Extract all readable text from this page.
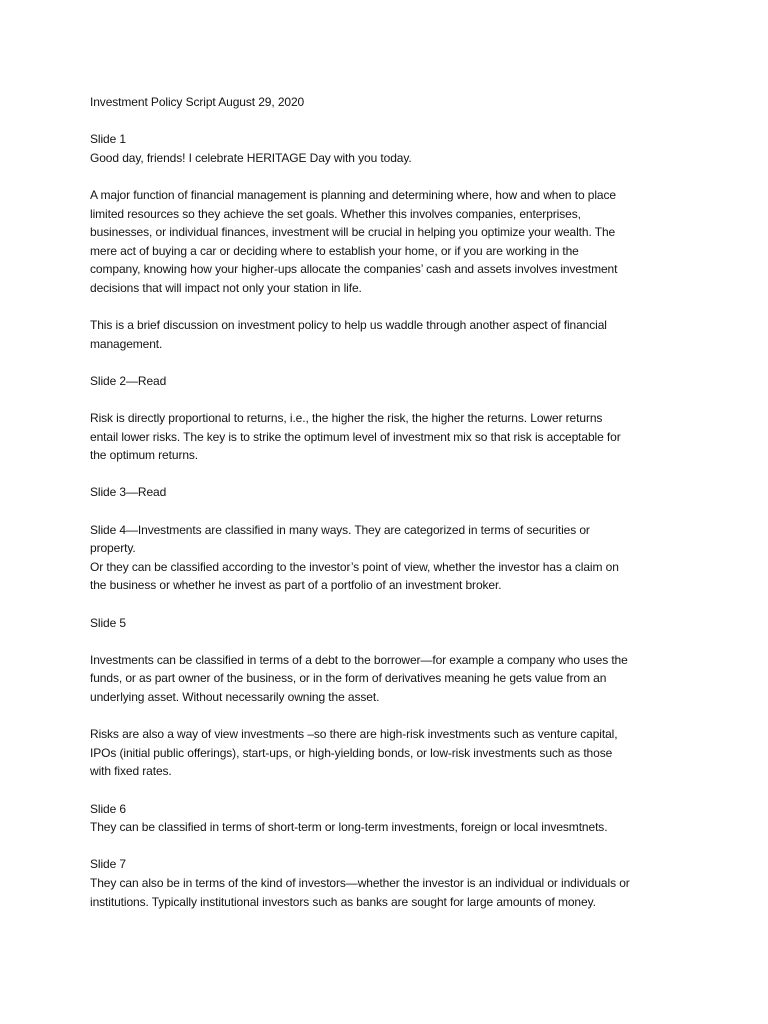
Investment Policy Script August 29, 2020

Slide 1
Good day, friends! I celebrate HERITAGE Day with you today.

A major function of financial management is planning and determining where, how and when to place
limited resources so they achieve the set goals. Whether this involves companies, enterprises,
businesses, or individual finances, investment will be crucial in helping you optimize your wealth. The
mere act of buying a car or deciding where to establish your home, or if you are working in the
company, knowing how your higher-ups allocate the companies’ cash and assets involves investment
decisions that will impact not only your station in life.

This is a brief discussion on investment policy to help us waddle through another aspect of financial
management.

Slide 2—Read

Risk is directly proportional to returns, i.e., the higher the risk, the higher the returns. Lower returns
entail lower risks. The key is to strike the optimum level of investment mix so that risk is acceptable for
the optimum returns.

Slide 3—Read

Slide 4—Investments are classified in many ways. They are categorized in terms of securities or
property.
Or they can be classified according to the investor’s point of view, whether the investor has a claim on
the business or whether he invest as part of a portfolio of an investment broker.

Slide 5

Investments can be classified in terms of a debt to the borrower—for example a company who uses the
funds, or as part owner of the business, or in the form of derivatives meaning he gets value from an
underlying asset. Without necessarily owning the asset.

Risks are also a way of view investments –so there are high-risk investments such as venture capital,
IPOs (initial public offerings), start-ups, or high-yielding bonds, or low-risk investments such as those
with fixed rates.

Slide 6
They can be classified in terms of short-term or long-term investments, foreign or local invesmtnets.

Slide 7
They can also be in terms of the kind of investors—whether the investor is an individual or individuals or
institutions. Typically institutional investors such as banks are sought for large amounts of money.
